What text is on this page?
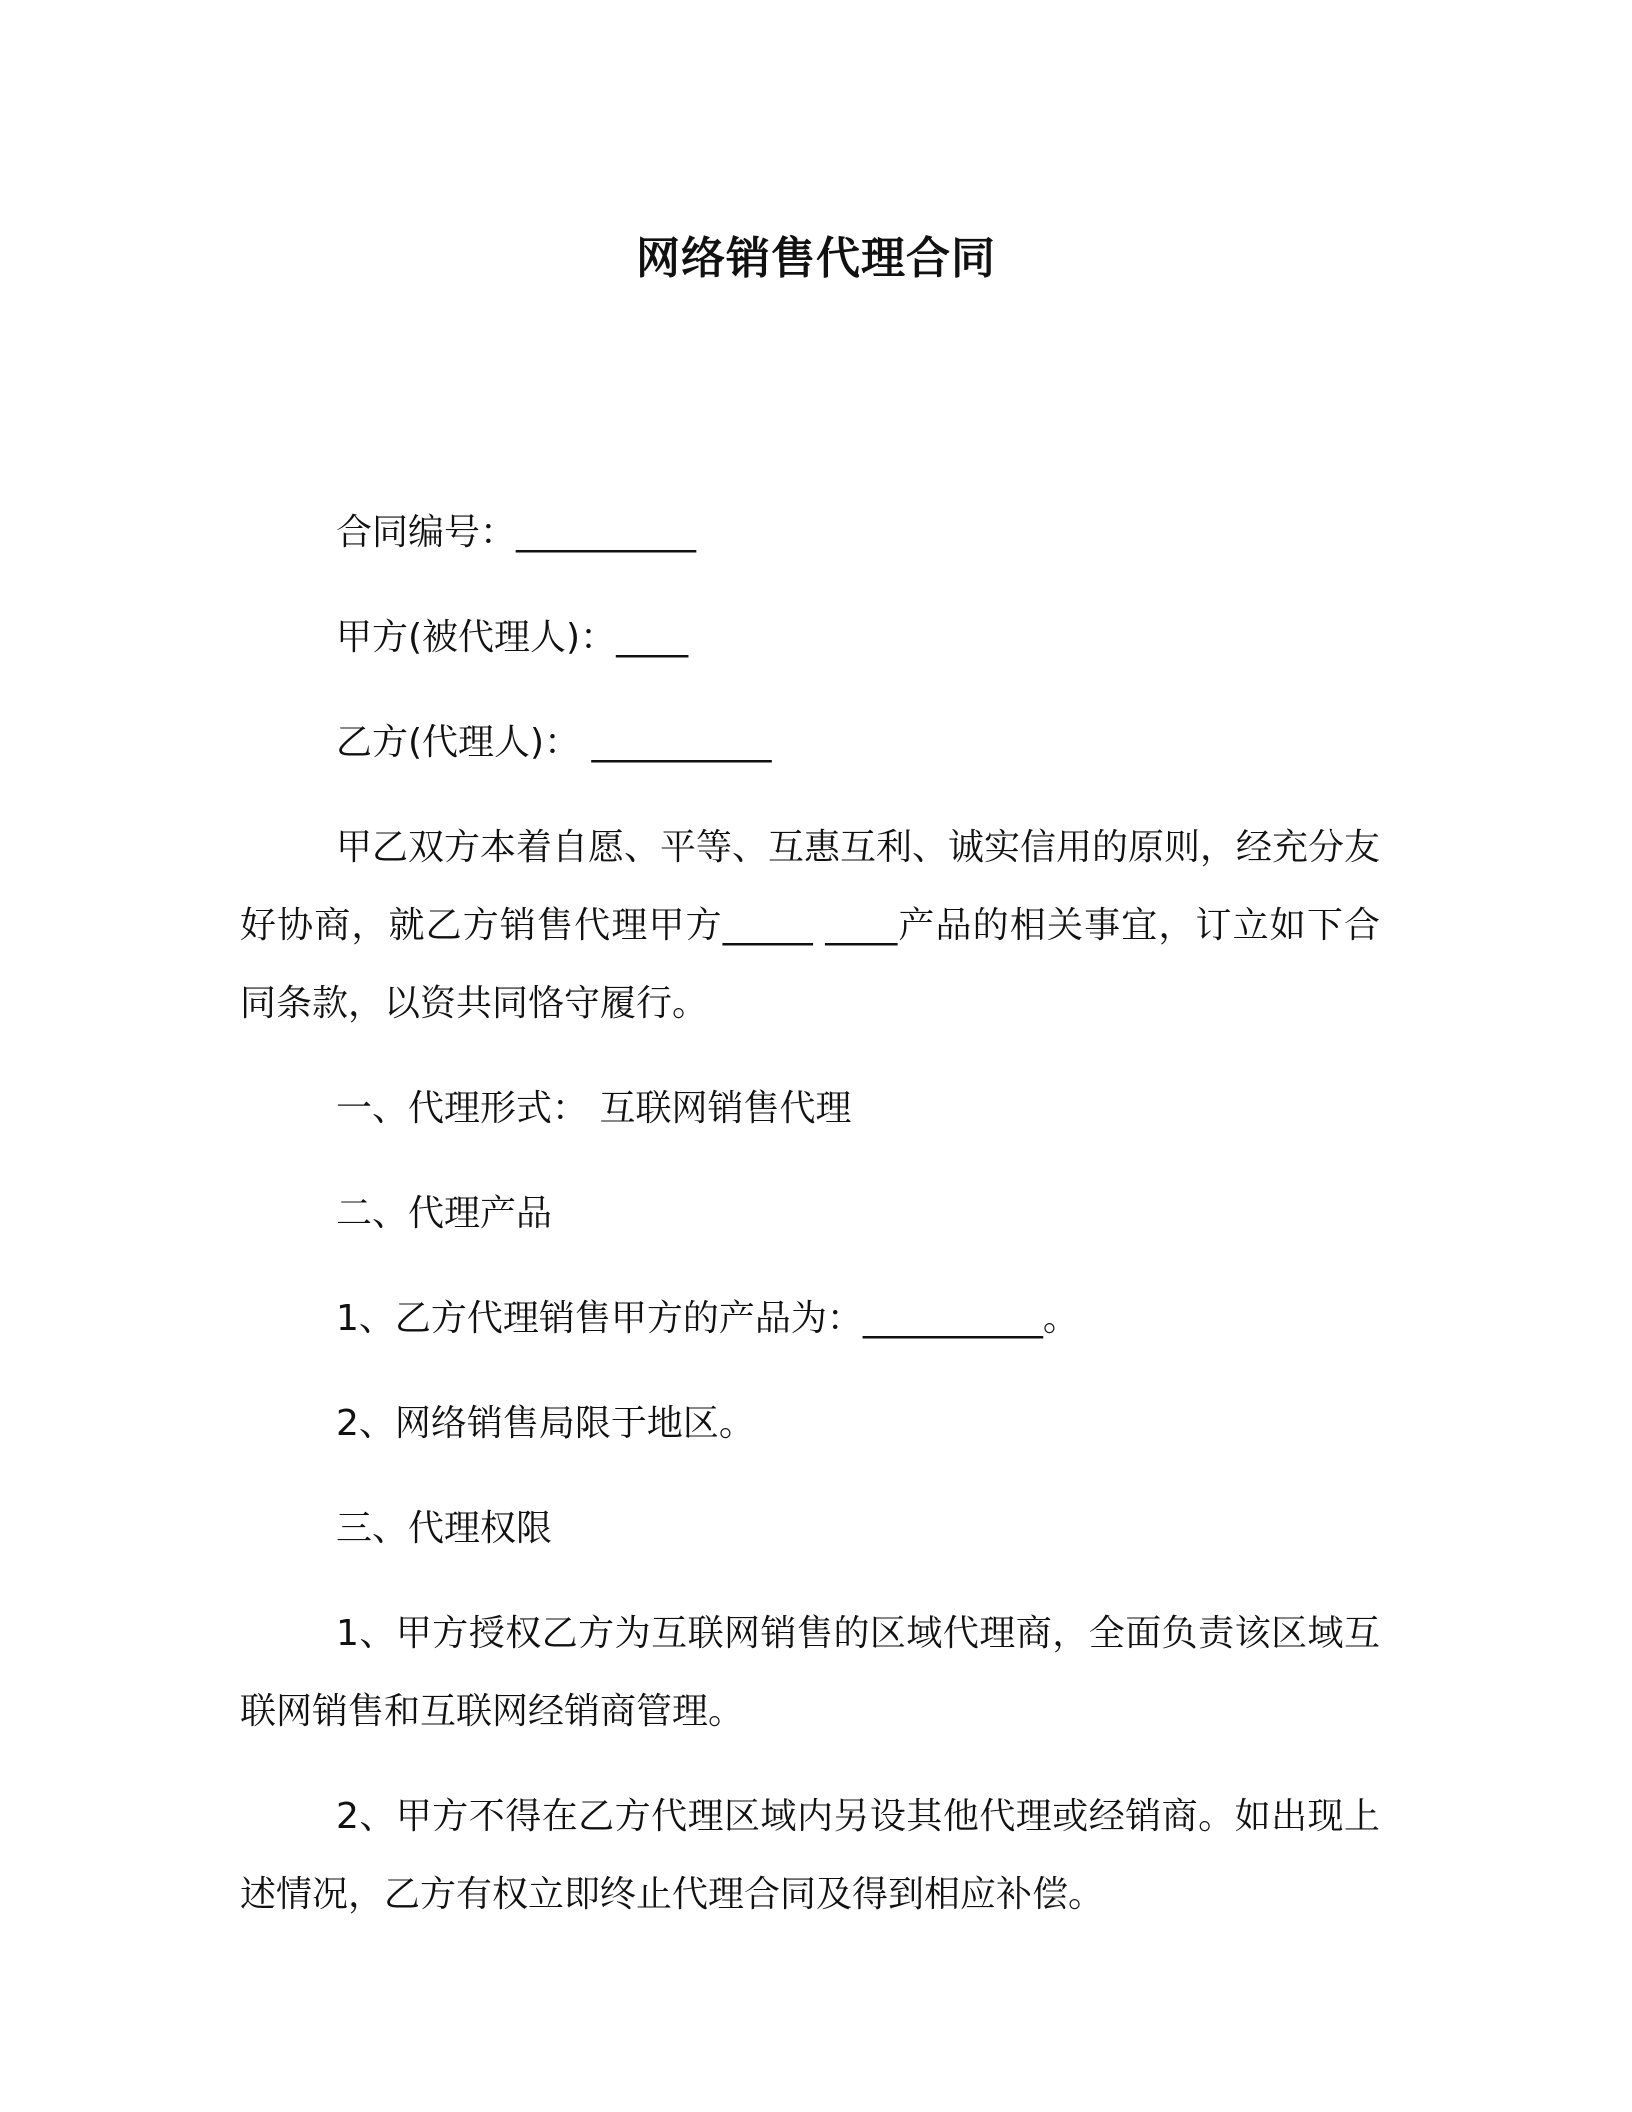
网络销售代理合同

合同编号：__________

甲方(被代理人)：____

乙方(代理人)： __________

甲乙双方本着自愿、平等、互惠互利、诚实信用的原则，经充分友好协商，就乙方销售代理甲方_____ ____产品的相关事宜，订立如下合同条款，以资共同恪守履行。

一、代理形式： 互联网销售代理

二、代理产品

1、乙方代理销售甲方的产品为：__________。

2、网络销售局限于地区。

三、代理权限

1、甲方授权乙方为互联网销售的区域代理商，全面负责该区域互联网销售和互联网经销商管理。

2、甲方不得在乙方代理区域内另设其他代理或经销商。如出现上述情况，乙方有权立即终止代理合同及得到相应补偿。
